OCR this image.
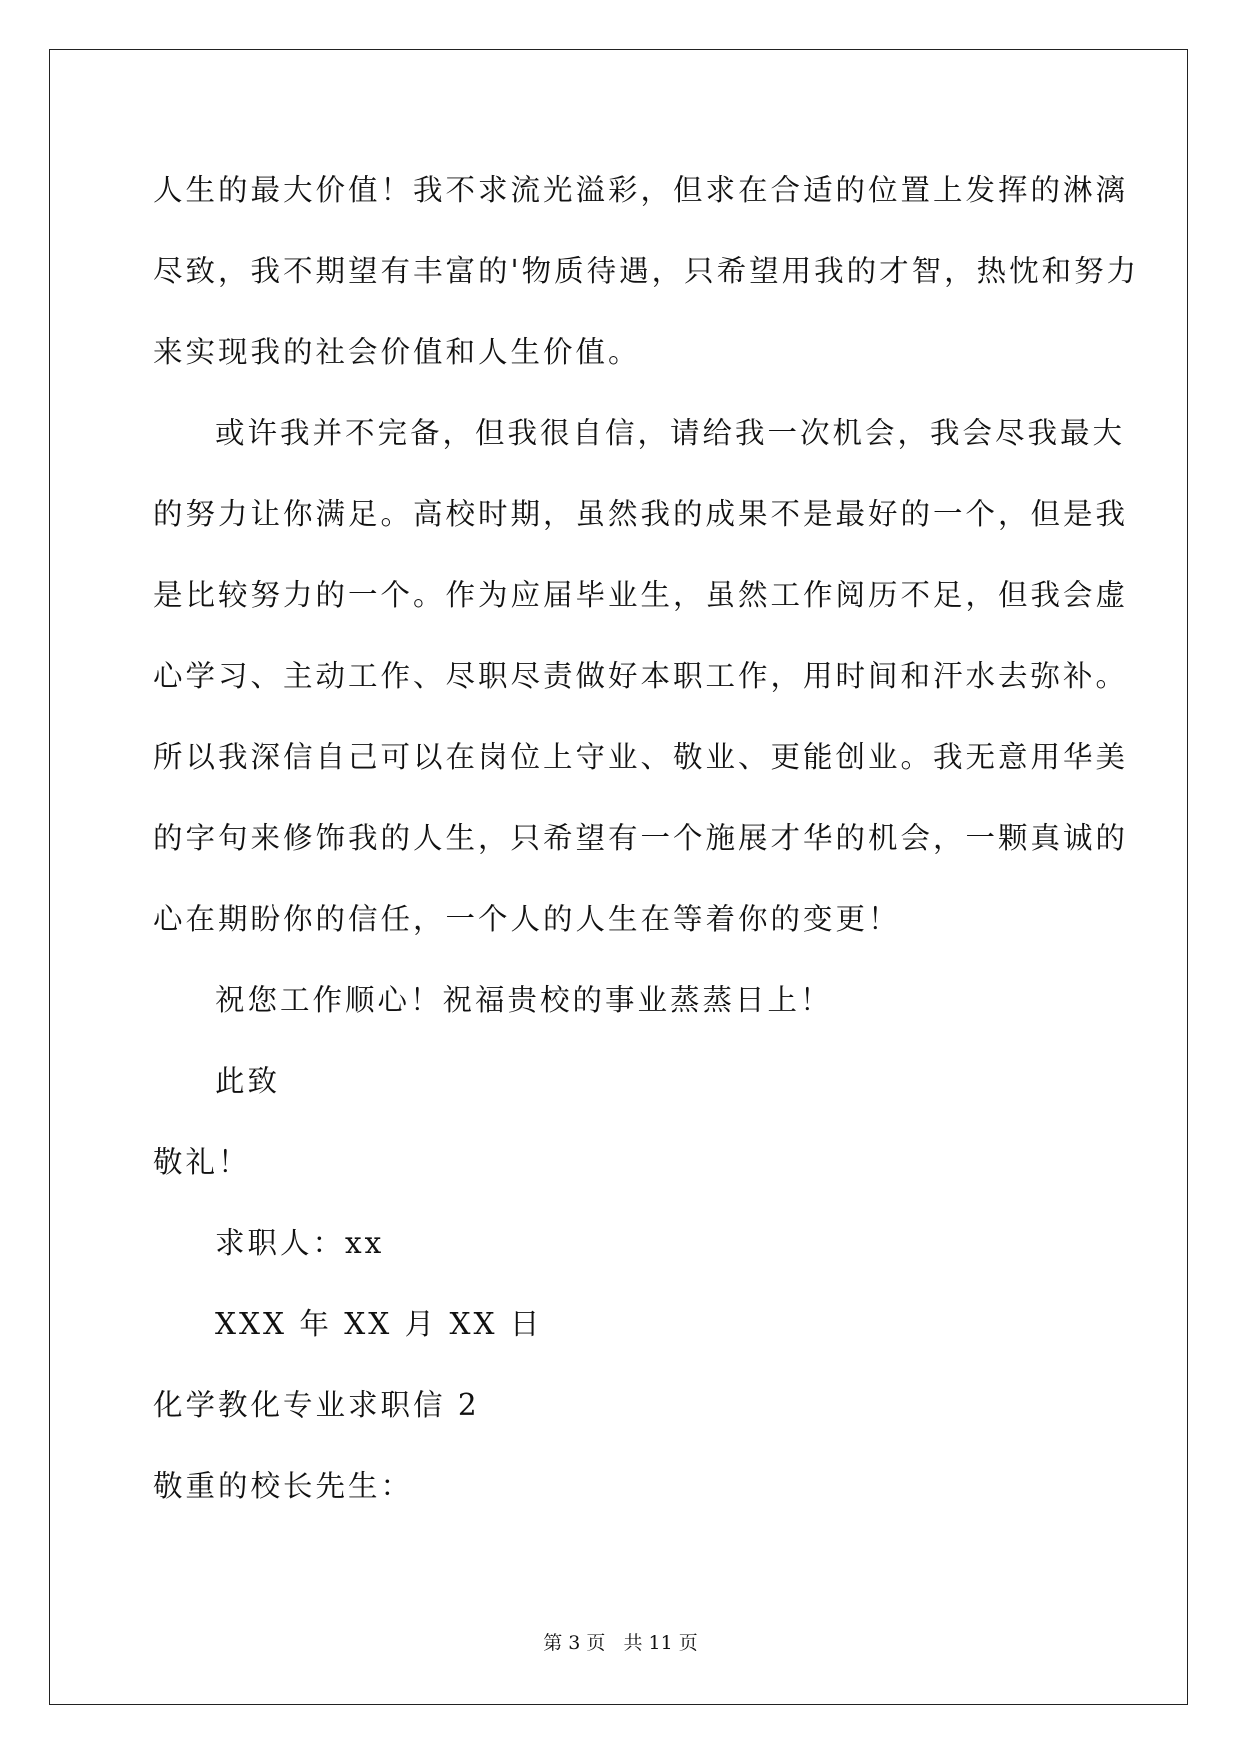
人生的最大价值！我不求流光溢彩，但求在合适的位置上发挥的淋漓
尽致，我不期望有丰富的'物质待遇，只希望用我的才智，热忱和努力
来实现我的社会价值和人生价值。
或许我并不完备，但我很自信，请给我一次机会，我会尽我最大
的努力让你满足。高校时期，虽然我的成果不是最好的一个，但是我
是比较努力的一个。作为应届毕业生，虽然工作阅历不足，但我会虚
心学习、主动工作、尽职尽责做好本职工作，用时间和汗水去弥补。
所以我深信自己可以在岗位上守业、敬业、更能创业。我无意用华美
的字句来修饰我的人生，只希望有一个施展才华的机会，一颗真诚的
心在期盼你的信任，一个人的人生在等着你的变更！
祝您工作顺心！祝福贵校的事业蒸蒸日上！
此致
敬礼！
求职人：xx
XXX 年 XX 月 XX 日
化学教化专业求职信 2
敬重的校长先生：
第 3 页 共 11 页
